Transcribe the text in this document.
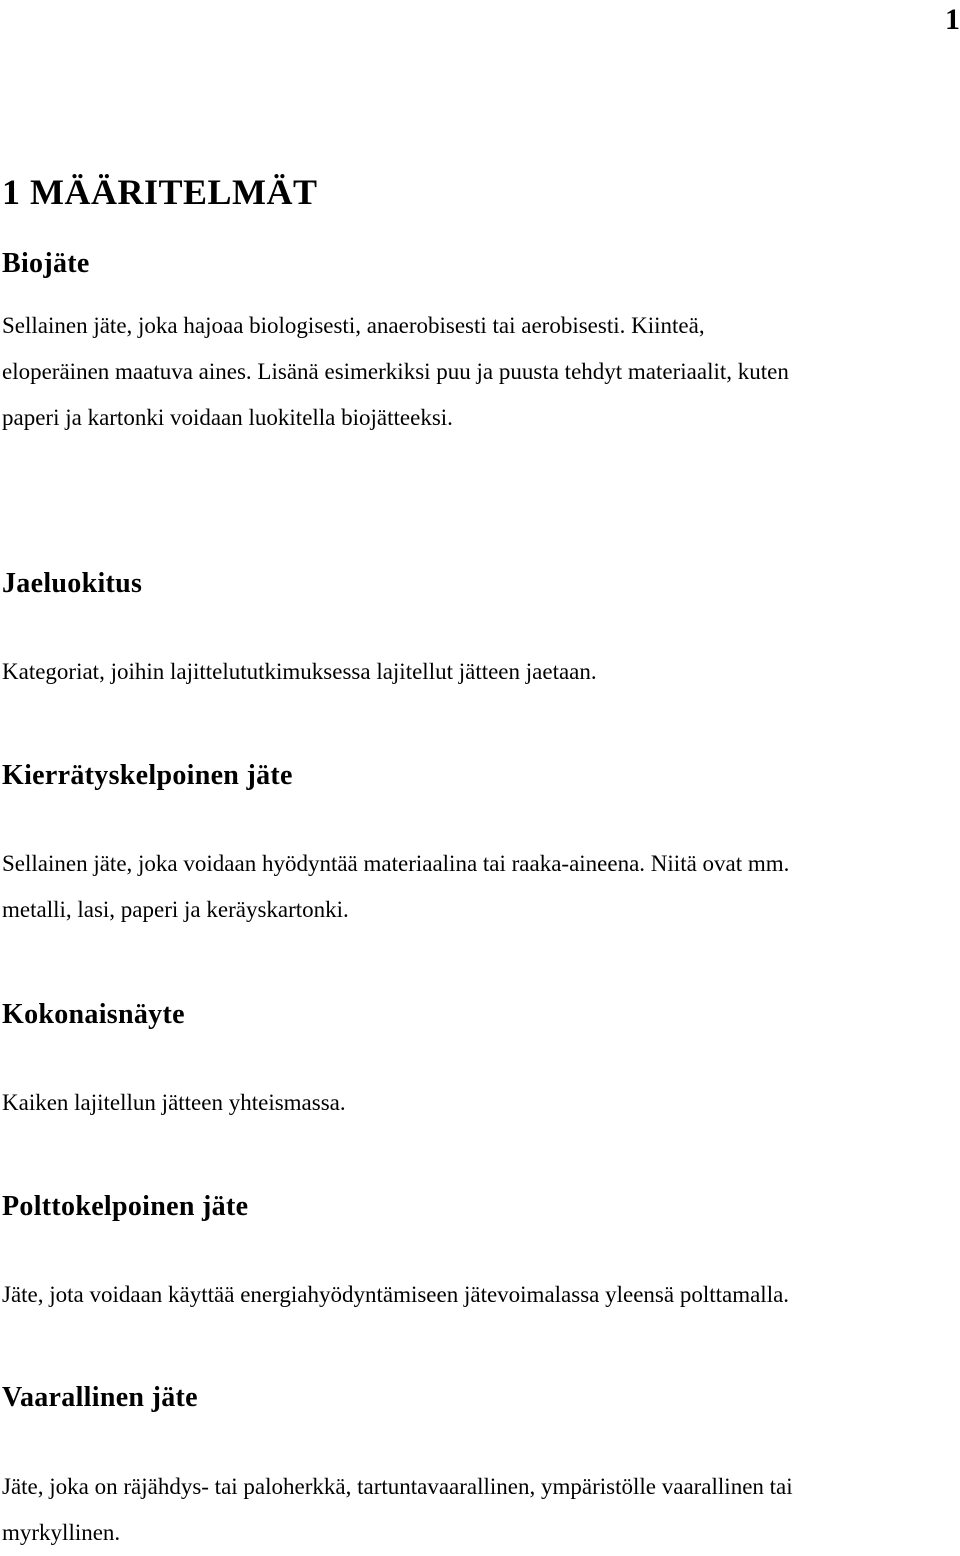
1
1 MÄÄRITELMÄT
Biojäte
Sellainen jäte, joka hajoaa biologisesti, anaerobisesti tai aerobisesti. Kiinteä,
eloperäinen maatuva aines. Lisänä esimerkiksi puu ja puusta tehdyt materiaalit, kuten
paperi ja kartonki voidaan luokitella biojätteeksi.
Jaeluokitus
Kategoriat, joihin lajittelututkimuksessa lajitellut jätteen jaetaan.
Kierrätyskelpoinen jäte
Sellainen jäte, joka voidaan hyödyntää materiaalina tai raaka-aineena. Niitä ovat mm.
metalli, lasi, paperi ja keräyskartonki.
Kokonaisnäyte
Kaiken lajitellun jätteen yhteismassa.
Polttokelpoinen jäte
Jäte, jota voidaan käyttää energiahyödyntämiseen jätevoimalassa yleensä polttamalla.
Vaarallinen jäte
Jäte, joka on räjähdys- tai paloherkkä, tartuntavaarallinen, ympäristölle vaarallinen tai
myrkyllinen.
